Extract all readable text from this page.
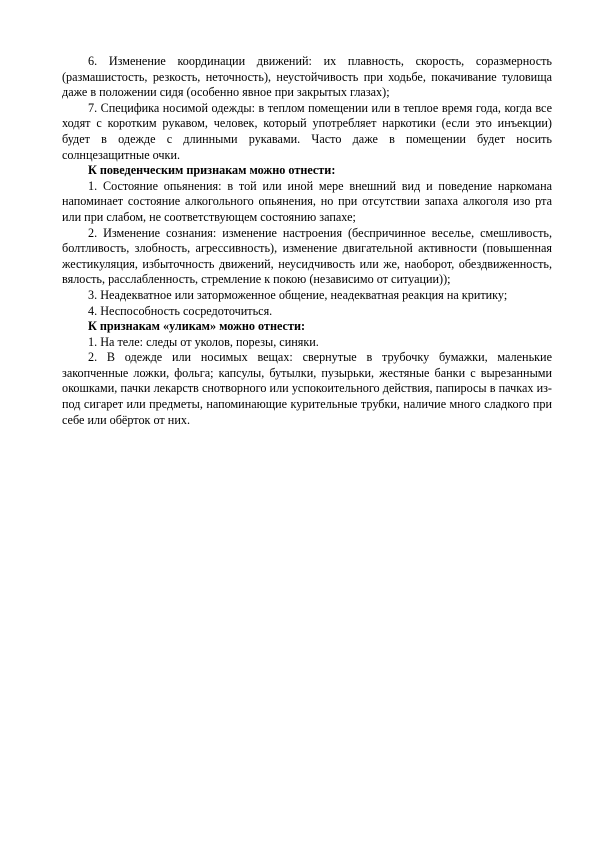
6. Изменение координации движений: их плавность, скорость, соразмерность (размашистость, резкость, неточность), неустойчивость при ходьбе, покачивание туловища даже в положении сидя (особенно явное при закрытых глазах);

7. Специфика носимой одежды: в теплом помещении или в теплое время года, когда все ходят с коротким рукавом, человек, который употребляет наркотики (если это инъекции) будет в одежде с длинными рукавами. Часто даже в помещении будет носить солнцезащитные очки.

К поведенческим признакам можно отнести:

1. Состояние опьянения: в той или иной мере внешний вид и поведение наркомана напоминает состояние алкогольного опьянения, но при отсутствии запаха алкоголя изо рта или при слабом, не соответствующем состоянию запахе;

2. Изменение сознания: изменение настроения (беспричинное веселье, смешливость, болтливость, злобность, агрессивность), изменение двигательной активности (повышенная жестикуляция, избыточность движений, неусидчивость или же, наоборот, обездвиженность, вялость, расслабленность, стремление к покою (независимо от ситуации));

3. Неадекватное или заторможенное общение, неадекватная реакция на критику;

4. Неспособность сосредоточиться.

К признакам «уликам» можно отнести:

1. На теле: следы от уколов, порезы, синяки.

2. В одежде или носимых вещах: свернутые в трубочку бумажки, маленькие закопченные ложки, фольга; капсулы, бутылки, пузырьки, жестяные банки с вырезанными окошками, пачки лекарств снотворного или успокоительного действия, папиросы в пачках из-под сигарет или предметы, напоминающие курительные трубки, наличие много сладкого при себе или обёрток от них.
